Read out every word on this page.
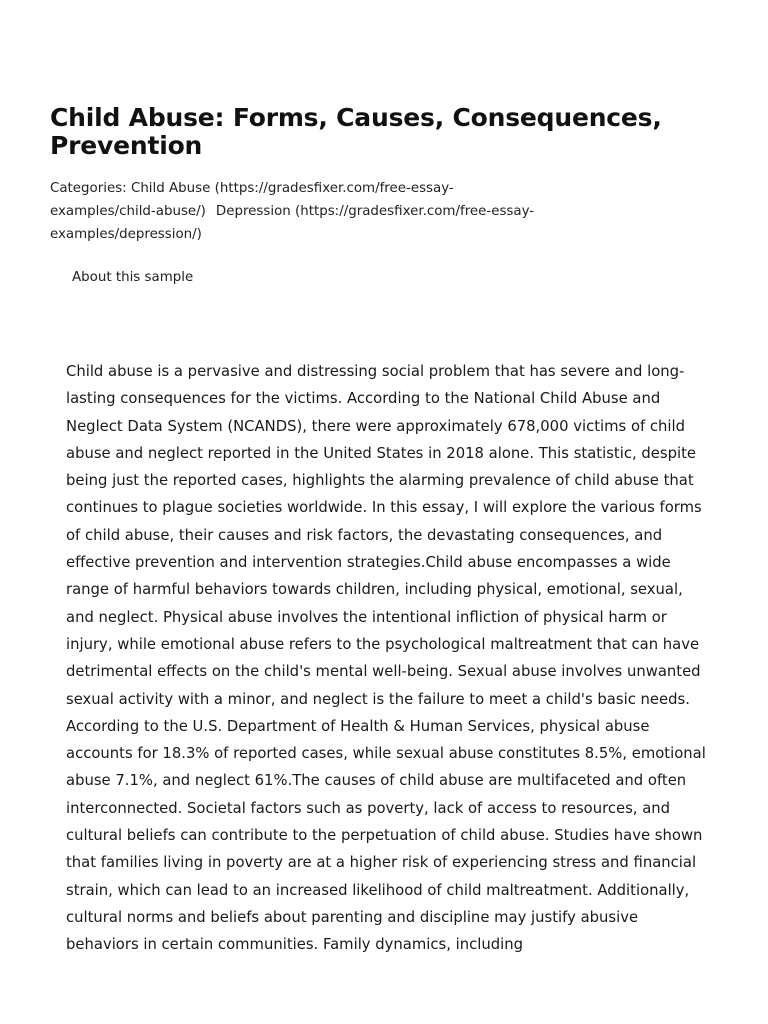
Child Abuse: Forms, Causes, Consequences, Prevention
Categories: Child Abuse (https://gradesfixer.com/free-essay-examples/child-abuse/) Depression (https://gradesfixer.com/free-essay-examples/depression/)
About this sample

Child abuse is a pervasive and distressing social problem that has severe and long-lasting consequences for the victims. According to the National Child Abuse and Neglect Data System (NCANDS), there were approximately 678,000 victims of child abuse and neglect reported in the United States in 2018 alone. This statistic, despite being just the reported cases, highlights the alarming prevalence of child abuse that continues to plague societies worldwide. In this essay, I will explore the various forms of child abuse, their causes and risk factors, the devastating consequences, and effective prevention and intervention strategies.Child abuse encompasses a wide range of harmful behaviors towards children, including physical, emotional, sexual, and neglect. Physical abuse involves the intentional infliction of physical harm or injury, while emotional abuse refers to the psychological maltreatment that can have detrimental effects on the child's mental well-being. Sexual abuse involves unwanted sexual activity with a minor, and neglect is the failure to meet a child's basic needs. According to the U.S. Department of Health & Human Services, physical abuse accounts for 18.3% of reported cases, while sexual abuse constitutes 8.5%, emotional abuse 7.1%, and neglect 61%.The causes of child abuse are multifaceted and often interconnected. Societal factors such as poverty, lack of access to resources, and cultural beliefs can contribute to the perpetuation of child abuse. Studies have shown that families living in poverty are at a higher risk of experiencing stress and financial strain, which can lead to an increased likelihood of child maltreatment. Additionally, cultural norms and beliefs about parenting and discipline may justify abusive behaviors in certain communities. Family dynamics, including
